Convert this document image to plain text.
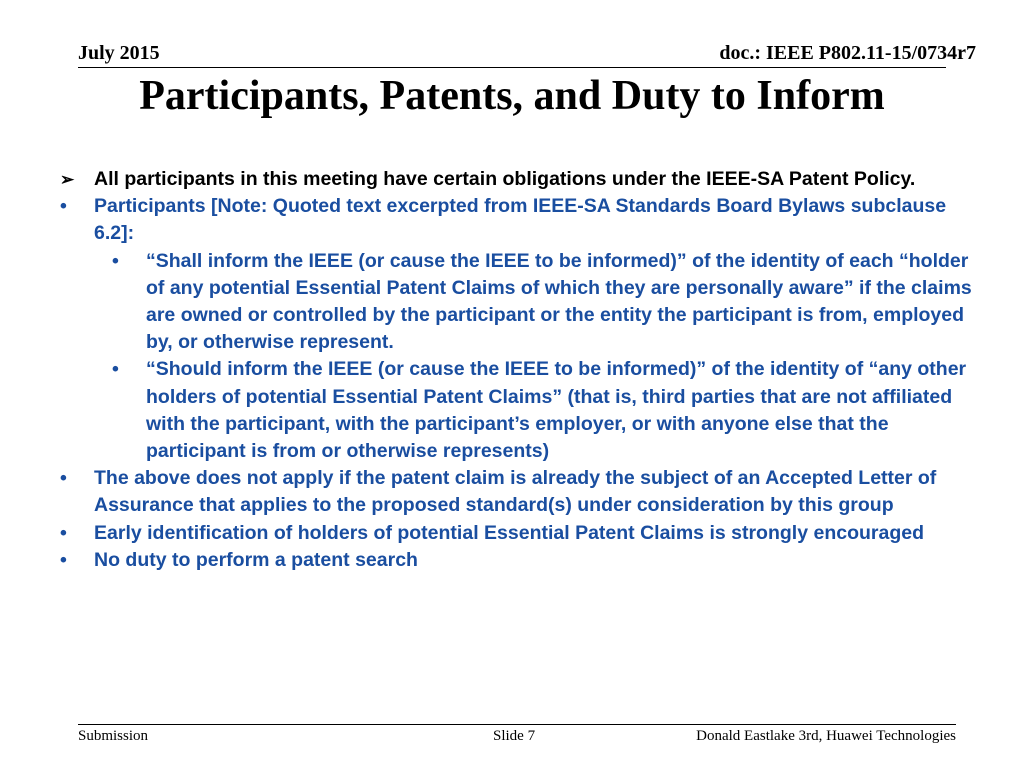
July 2015	doc.: IEEE P802.11-15/0734r7
Participants, Patents, and Duty to Inform
➢ All participants in this meeting have certain obligations under the IEEE-SA Patent Policy.
• Participants [Note: Quoted text excerpted from IEEE-SA Standards Board Bylaws subclause 6.2]:
• “Shall inform the IEEE (or cause the IEEE to be informed)” of the identity of each “holder of any potential Essential Patent Claims of which they are personally aware” if the claims are owned or controlled by the participant or the entity the participant is from, employed by, or otherwise represent.
• “Should inform the IEEE (or cause the IEEE to be informed)” of the identity of “any other holders of potential Essential Patent Claims” (that is, third parties that are not affiliated with the participant, with the participant’s employer, or with anyone else that the participant is from or otherwise represents)
• The above does not apply if the patent claim is already the subject of an Accepted Letter of Assurance that applies to the proposed standard(s) under consideration by this group
• Early identification of holders of potential Essential Patent Claims is strongly encouraged
• No duty to perform a patent search
Submission	Slide 7	Donald Eastlake 3rd, Huawei Technologies
